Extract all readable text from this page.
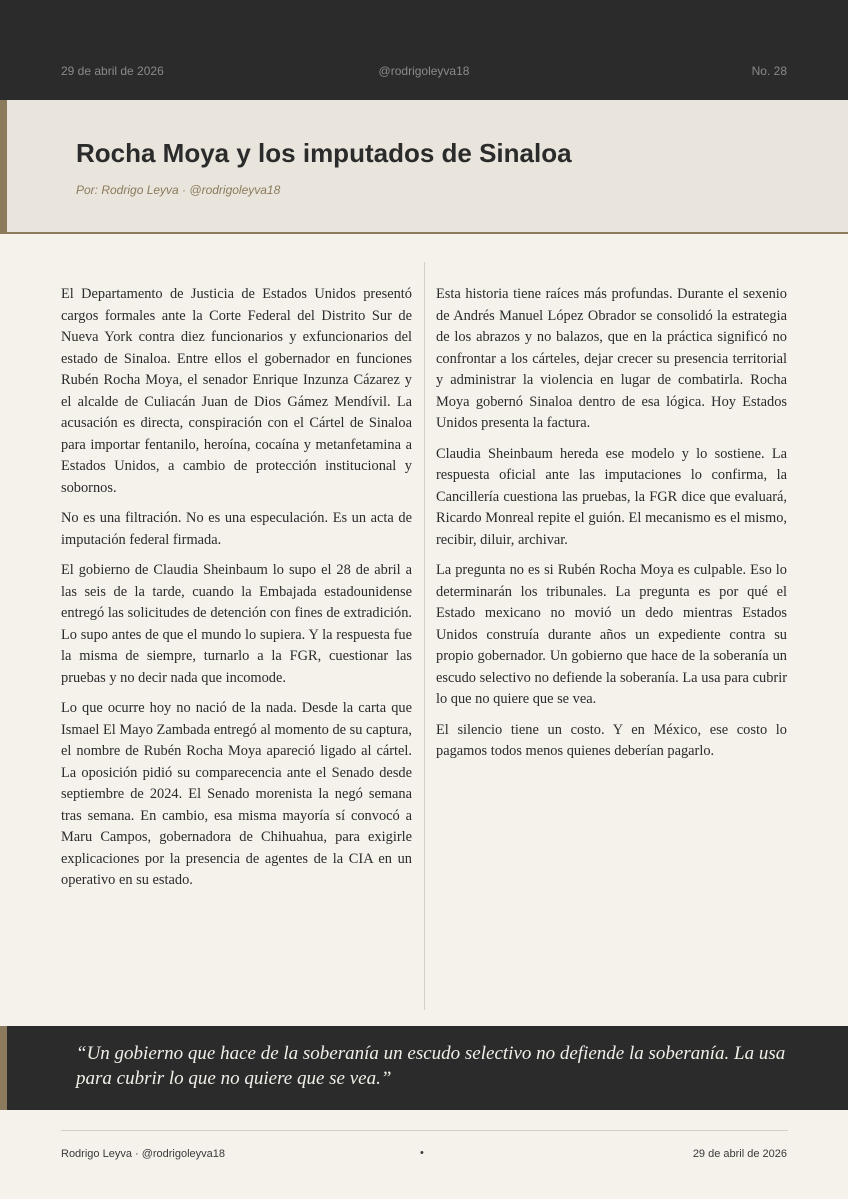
29 de abril de 2026	@rodrigoleyva18	No. 28
Rocha Moya y los imputados de Sinaloa
Por: Rodrigo Leyva · @rodrigoleyva18

El Departamento de Justicia de Estados Unidos presentó cargos formales ante la Corte Federal del Distrito Sur de Nueva York contra diez funcionarios y exfuncionarios del estado de Sinaloa. Entre ellos el gobernador en funciones Rubén Rocha Moya, el senador Enrique Inzunza Cázarez y el alcalde de Culiacán Juan de Dios Gámez Mendívil. La acusación es directa, conspiración con el Cártel de Sinaloa para importar fentanilo, heroína, cocaína y metanfetamina a Estados Unidos, a cambio de protección institucional y sobornos.

No es una filtración. No es una especulación. Es un acta de imputación federal firmada.

El gobierno de Claudia Sheinbaum lo supo el 28 de abril a las seis de la tarde, cuando la Embajada estadounidense entregó las solicitudes de detención con fines de extradición. Lo supo antes de que el mundo lo supiera. Y la respuesta fue la misma de siempre, turnarlo a la FGR, cuestionar las pruebas y no decir nada que incomode.

Lo que ocurre hoy no nació de la nada. Desde la carta que Ismael El Mayo Zambada entregó al momento de su captura, el nombre de Rubén Rocha Moya apareció ligado al cártel. La oposición pidió su comparecencia ante el Senado desde septiembre de 2024. El Senado morenista la negó semana tras semana. En cambio, esa misma mayoría sí convocó a Maru Campos, gobernadora de Chihuahua, para exigirle explicaciones por la presencia de agentes de la CIA en un operativo en su estado.

Esta historia tiene raíces más profundas. Durante el sexenio de Andrés Manuel López Obrador se consolidó la estrategia de los abrazos y no balazos, que en la práctica significó no confrontar a los cárteles, dejar crecer su presencia territorial y administrar la violencia en lugar de combatirla. Rocha Moya gobernó Sinaloa dentro de esa lógica. Hoy Estados Unidos presenta la factura.

Claudia Sheinbaum hereda ese modelo y lo sostiene. La respuesta oficial ante las imputaciones lo confirma, la Cancillería cuestiona las pruebas, la FGR dice que evaluará, Ricardo Monreal repite el guión. El mecanismo es el mismo, recibir, diluir, archivar.

La pregunta no es si Rubén Rocha Moya es culpable. Eso lo determinarán los tribunales. La pregunta es por qué el Estado mexicano no movió un dedo mientras Estados Unidos construía durante años un expediente contra su propio gobernador. Un gobierno que hace de la soberanía un escudo selectivo no defiende la soberanía. La usa para cubrir lo que no quiere que se vea.

El silencio tiene un costo. Y en México, ese costo lo pagamos todos menos quienes deberían pagarlo.

“Un gobierno que hace de la soberanía un escudo selectivo no defiende la soberanía. La usa para cubrir lo que no quiere que se vea.”
Rodrigo Leyva · @rodrigoleyva18	•	29 de abril de 2026
